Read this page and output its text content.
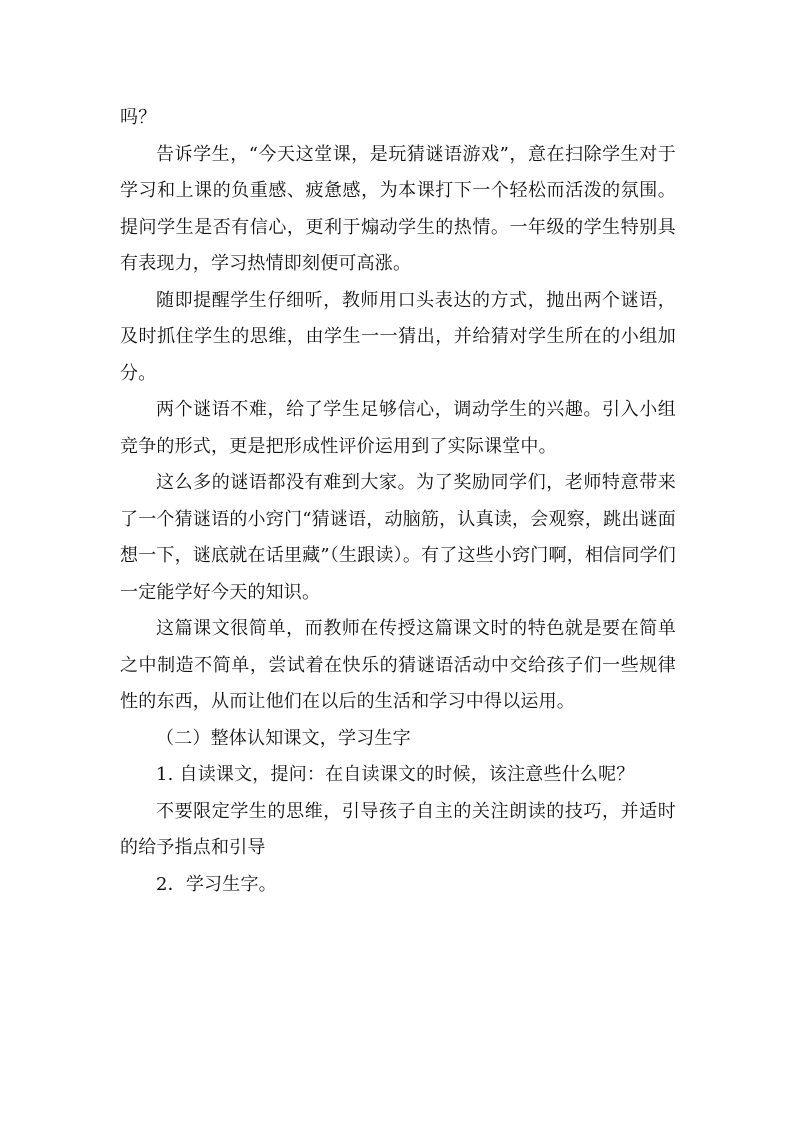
吗？

告诉学生，“今天这堂课，是玩猜谜语游戏”，意在扫除学生对于学习和上课的负重感、疲惫感，为本课打下一个轻松而活泼的氛围。提问学生是否有信心，更利于煽动学生的热情。一年级的学生特别具有表现力，学习热情即刻便可高涨。

随即提醒学生仔细听，教师用口头表达的方式，抛出两个谜语，及时抓住学生的思维，由学生一一猜出，并给猜对学生所在的小组加分。

两个谜语不难，给了学生足够信心，调动学生的兴趣。引入小组竞争的形式，更是把形成性评价运用到了实际课堂中。

这么多的谜语都没有难到大家。为了奖励同学们，老师特意带来了一个猜谜语的小窍门“猜谜语，动脑筋，认真读，会观察，跳出谜面想一下，谜底就在话里藏”（生跟读）。有了这些小窍门啊，相信同学们一定能学好今天的知识。

这篇课文很简单，而教师在传授这篇课文时的特色就是要在简单之中制造不简单，尝试着在快乐的猜谜语活动中交给孩子们一些规律性的东西，从而让他们在以后的生活和学习中得以运用。

（二）整体认知课文，学习生字

1. 自读课文，提问：在自读课文的时候，该注意些什么呢？

不要限定学生的思维，引导孩子自主的关注朗读的技巧，并适时的给予指点和引导

2．学习生字。
